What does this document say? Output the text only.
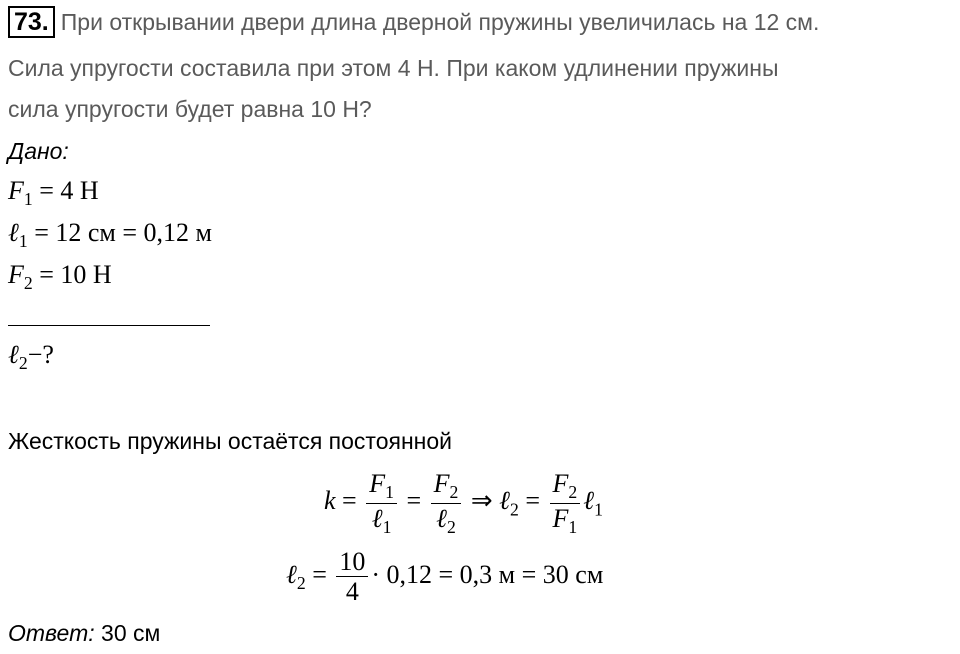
73. При открывании двери длина дверной пружины увеличилась на 12 см.
Сила упругости составила при этом 4 Н. При каком удлинении пружины
сила упругости будет равна 10 Н?
Дано:
$F_1 = 4$ Н
ℓ$_1$ = 12 см = 0,12 м
$F_2 = 10$ Н
ℓ$_2$−?
Жесткость пружины остаётся постоянной
$k = \frac{F_1}{\ell_1} = \frac{F_2}{\ell_2}$ ⇒ ℓ$_2$ = $\frac{F_2}{F_1}$ ℓ$_1$
ℓ$_2$ = $\frac{10}{4} \cdot 0,12 = 0,3$ м = 30 см
Ответ: 30 см
